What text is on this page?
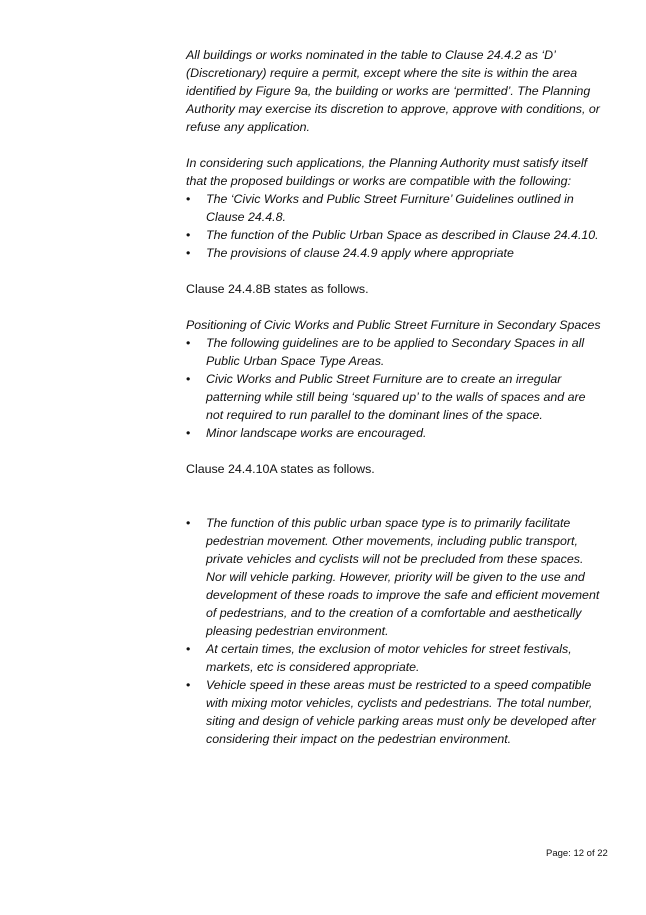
All buildings or works nominated in the table to Clause 24.4.2 as ‘D’ (Discretionary) require a permit, except where the site is within the area identified by Figure 9a, the building or works are ‘permitted’. The Planning Authority may exercise its discretion to approve, approve with conditions, or refuse any application.

In considering such applications, the Planning Authority must satisfy itself that the proposed buildings or works are compatible with the following:

•
The ‘Civic Works and Public Street Furniture’ Guidelines outlined in Clause 24.4.8.
•
The function of the Public Urban Space as described in Clause 24.4.10.
•
The provisions of clause 24.4.9 apply where appropriate

Clause 24.4.8B states as follows.

Positioning of Civic Works and Public Street Furniture in Secondary Spaces

•
The following guidelines are to be applied to Secondary Spaces in all Public Urban Space Type Areas.
•
Civic Works and Public Street Furniture are to create an irregular patterning while still being ‘squared up’ to the walls of spaces and are not required to run parallel to the dominant lines of the space.
•
Minor landscape works are encouraged.

Clause 24.4.10A states as follows.

•
The function of this public urban space type is to primarily facilitate pedestrian movement. Other movements, including public transport, private vehicles and cyclists will not be precluded from these spaces. Nor will vehicle parking. However, priority will be given to the use and development of these roads to improve the safe and efficient movement of pedestrians, and to the creation of a comfortable and aesthetically pleasing pedestrian environment.
•
At certain times, the exclusion of motor vehicles for street festivals, markets, etc is considered appropriate.
•
Vehicle speed in these areas must be restricted to a speed compatible with mixing motor vehicles, cyclists and pedestrians. The total number, siting and design of vehicle parking areas must only be developed after considering their impact on the pedestrian environment.
Page: 12 of 22
